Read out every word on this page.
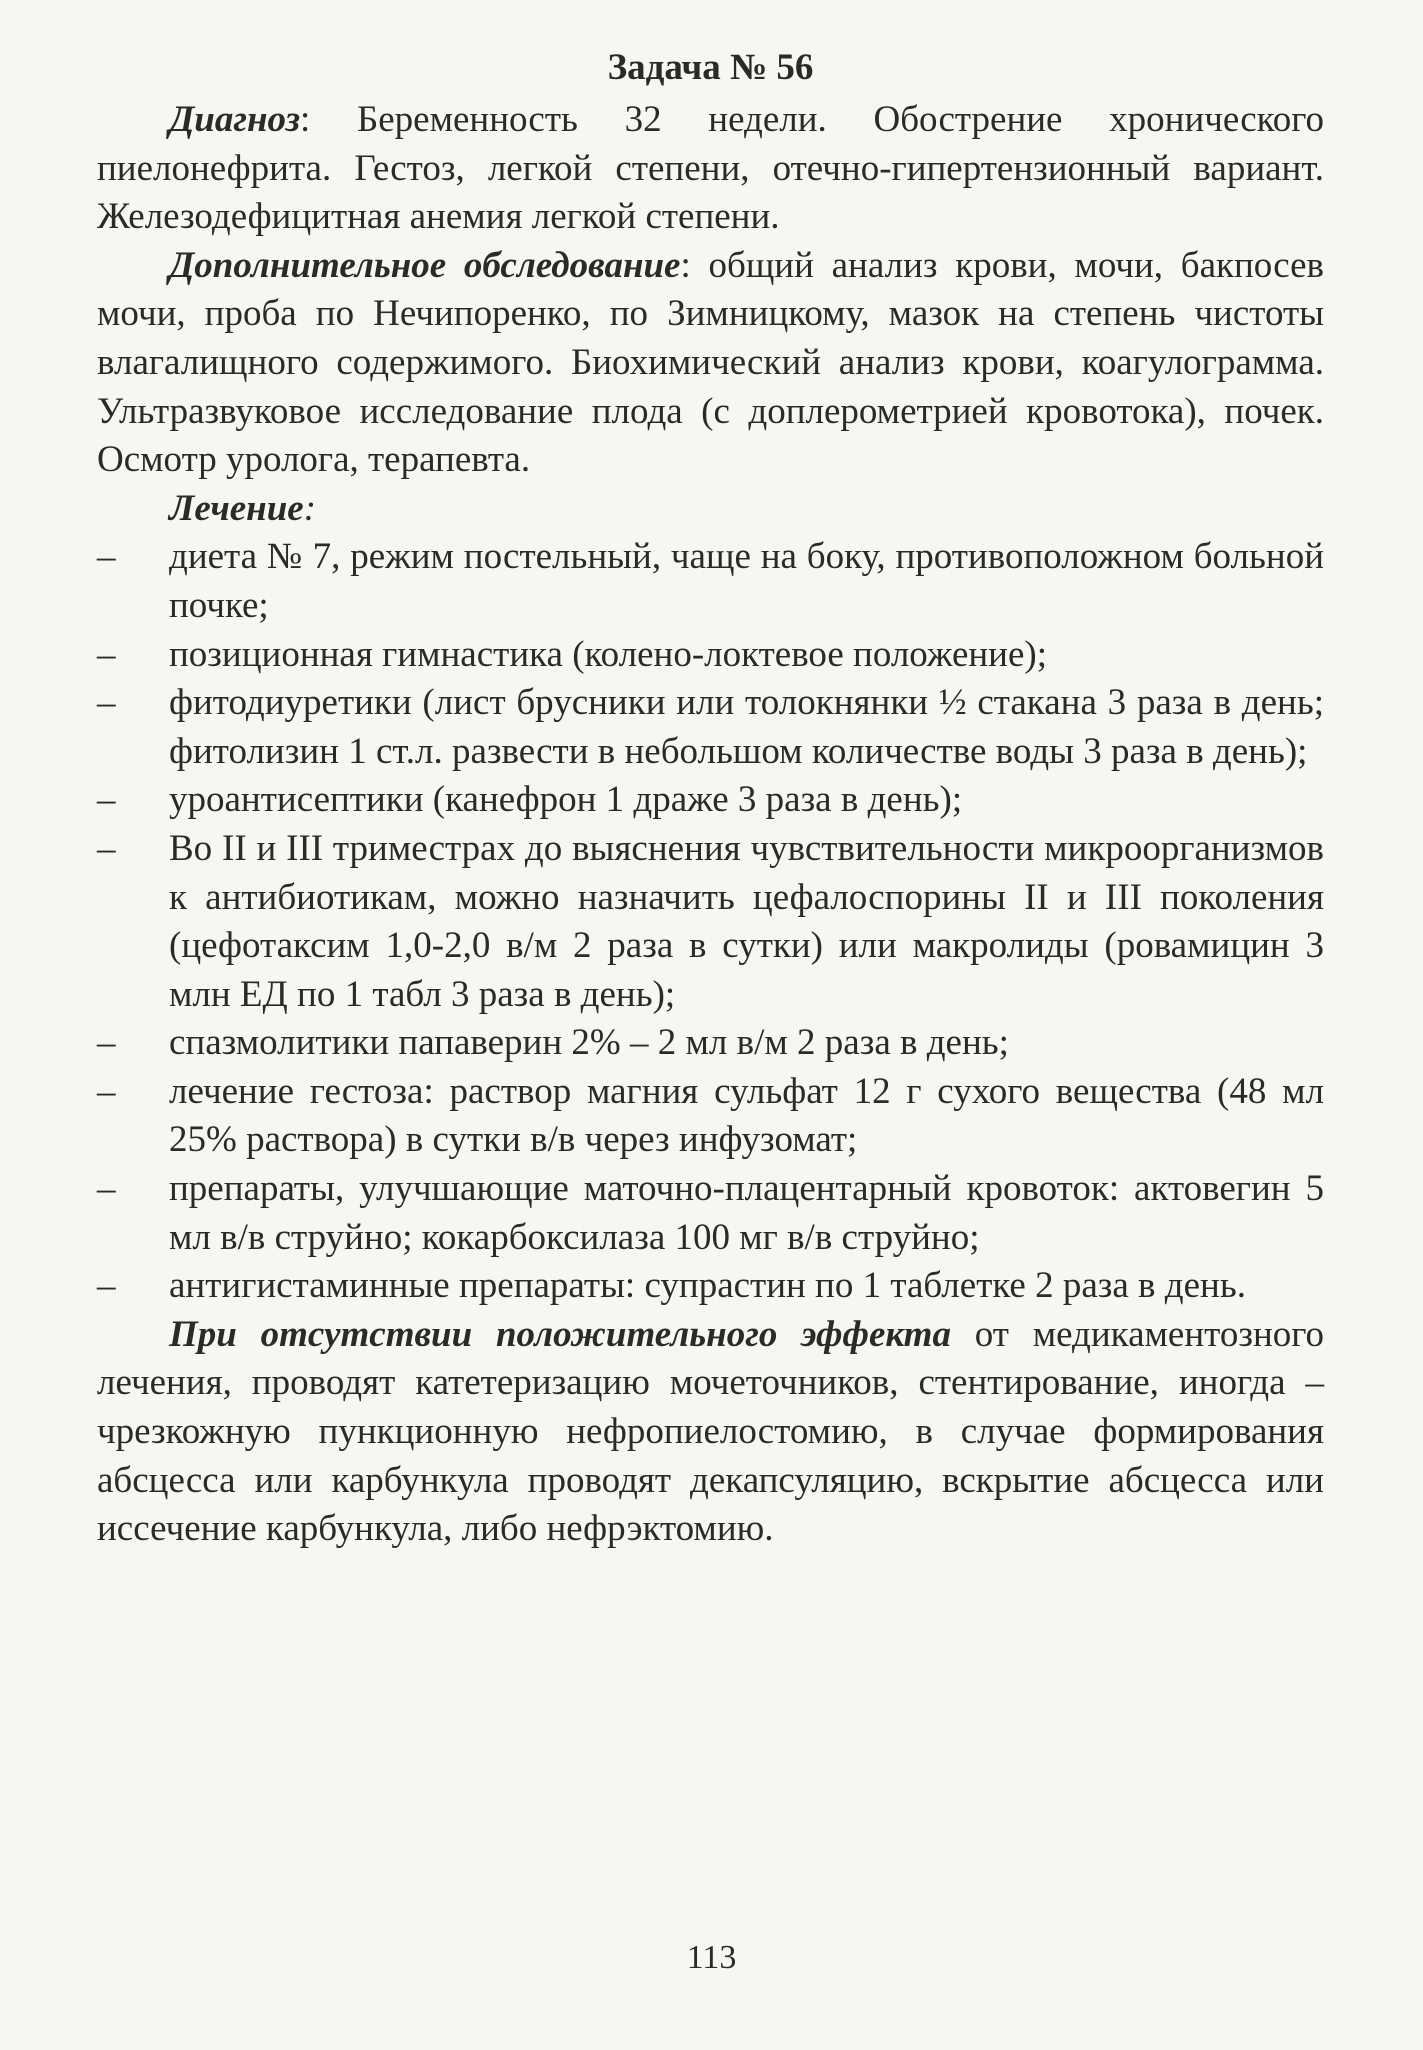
Задача № 56

Диагноз: Беременность 32 недели. Обострение хронического пиелонефрита. Гестоз, легкой степени, отечно-гипертензионный вариант. Железодефицитная анемия легкой степени.

Дополнительное обследование: общий анализ крови, мочи, бакпосев мочи, проба по Нечипоренко, по Зимницкому, мазок на степень чистоты влагалищного содержимого. Биохимический анализ крови, коагулограмма. Ультразвуковое исследование плода (с доплерометрией кровотока), почек. Осмотр уролога, терапевта.

Лечение:
–	диета № 7, режим постельный, чаще на боку, противоположном больной почке;
–	позиционная гимнастика (колено-локтевое положение);
–	фитодиуретики (лист брусники или толокнянки ½ стакана 3 раза в день; фитолизин 1 ст.л. развести в небольшом количестве воды 3 раза в день);
–	уроантисептики (канефрон 1 драже 3 раза в день);
–	Во II и III триместрах до выяснения чувствительности микроорганизмов к антибиотикам, можно назначить цефалоспорины II и III поколения (цефотаксим 1,0-2,0 в/м 2 раза в сутки) или макролиды (ровамицин 3 млн ЕД по 1 табл 3 раза в день);
–	спазмолитики папаверин 2% – 2 мл в/м 2 раза в день;
–	лечение гестоза: раствор магния сульфат 12 г сухого вещества (48 мл 25% раствора) в сутки в/в через инфузомат;
–	препараты, улучшающие маточно-плацентарный кровоток: актовегин 5 мл в/в струйно; кокарбоксилаза 100 мг в/в струйно;
–	антигистаминные препараты: супрастин по 1 таблетке 2 раза в день.

При отсутствии положительного эффекта от медикаментозного лечения, проводят катетеризацию мочеточников, стентирование, иногда – чрезкожную пункционную нефропиелостомию, в случае формирования абсцесса или карбункула проводят декапсуляцию, вскрытие абсцесса или иссечение карбункула, либо нефрэктомию.

113
